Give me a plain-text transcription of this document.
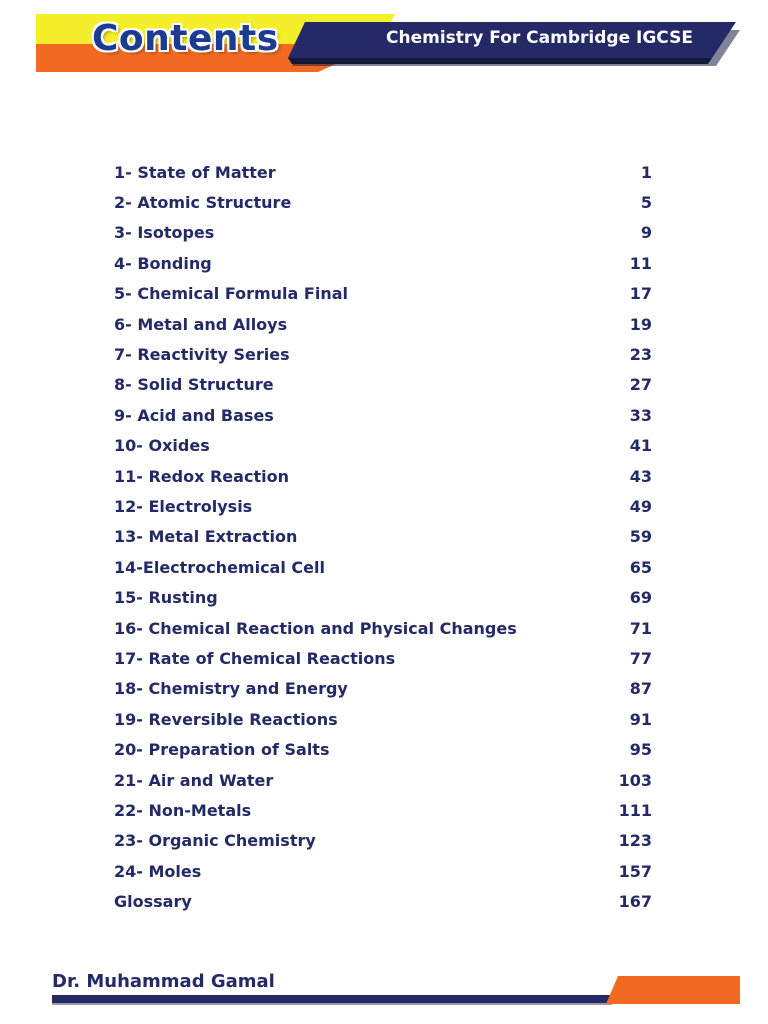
Contents	Chemistry For Cambridge IGCSE
1- State of Matter	1
2- Atomic Structure	5
3- Isotopes	9
4- Bonding	11
5- Chemical Formula Final	17
6- Metal and Alloys	19
7- Reactivity Series	23
8- Solid Structure	27
9- Acid and Bases	33
10- Oxides	41
11- Redox Reaction	43
12- Electrolysis	49
13- Metal Extraction	59
14-Electrochemical Cell	65
15- Rusting	69
16- Chemical Reaction and Physical Changes	71
17- Rate of Chemical Reactions	77
18- Chemistry and Energy	87
19- Reversible Reactions	91
20- Preparation of Salts	95
21- Air and Water	103
22- Non-Metals	111
23- Organic Chemistry	123
24- Moles	157
Glossary	167
Dr. Muhammad Gamal
